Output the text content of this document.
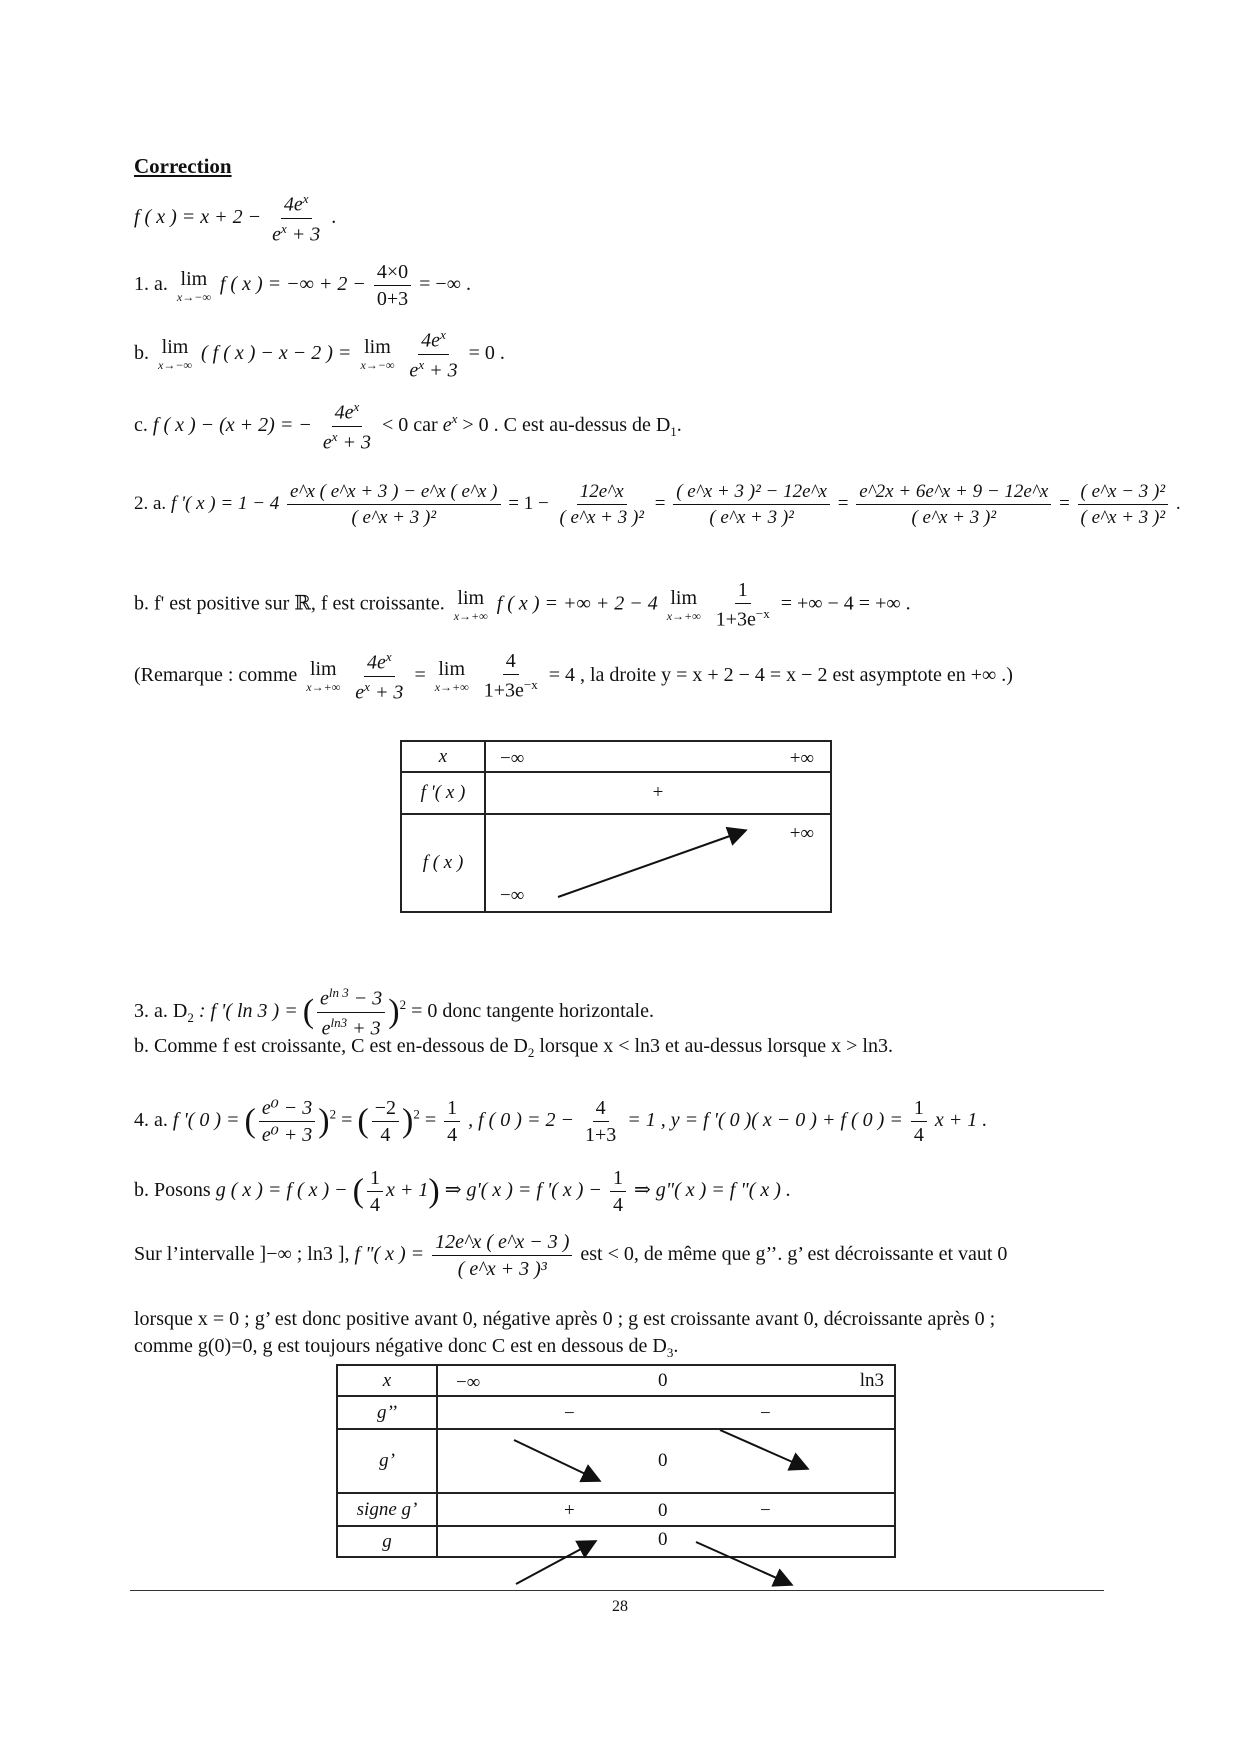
Correction
f ( x ) = $x + 2 - \frac{4e^x}{e^x + 3}$ .
1. a. lim
x→−∞
f ( x ) = −∞ + $2 - \frac{4\times 0}{0+3}$ = −∞ .
b. lim
x→−∞
( f ( x ) − x − 2 ) = lim
x→−∞
$\frac{4e^x}{e^x + 3} = 0$ .
c. f ( x ) − (x + 2) = − $\frac{4e^x}{e^x + 3} < 0$ car $e^x > 0$ . C est au-dessus de $D_1$.
2. a. f '( x ) = $1 - 4 \frac{e\^{}x ( e\^{}x + 3 ) - e\^{}x ( e\^{}x )}{\text{( e\textasciicircum{}x + 3 )²}} = 1 - \frac{12e\^{}x}{\text{( e\textasciicircum{}x + 3 )²}} = \frac{\text{( e\textasciicircum{}x + 3 )² − 12e\textasciicircum{}x}}{\text{( e\textasciicircum{}x + 3 )²}} = \frac{e\^{}2x + 6e\^{}x + 9 - 12e\^{}x}{\text{( e\textasciicircum{}x + 3 )²}} = \frac{\text{( e\textasciicircum{}x − 3 )²}}{\text{( e\textasciicircum{}x + 3 )²}}$ .
b. f' est positive sur ℝ, f est croissante. lim
x→+∞
f ( x ) = +∞ + 2 − 4 lim
x→+∞
$\frac{1}{1+3e^{-x}}$ = +∞ − 4 = +∞ .
(Remarque : comme lim
x→+∞
$\frac{4e^x}{e^x + 3} = \lim$
x→+∞
$\frac{4}{1+3e^{-x}} = 4$ , la droite y = x + 2 − 4 = x − 2 est asymptote en +∞ .)
x	−∞ +∞

f '( x )	+
f ( x )	+∞
−∞
3. a. $D_2$ : f '( ln 3 ) = ( $\frac{e^{ln 3} - 3}{e^{ln3} + 3} )^2 = 0$ donc tangente horizontale.
b. Comme f est croissante, C est en-dessous de $D_2$ lorsque x < ln3 et au-dessus lorsque x > ln3.
4. a. f '( 0 ) = ( $\frac{\text{e⁰ − 3}}{\text{e⁰ + 3}} )^2$ = ( $\frac{-2}{4} )^2 = \frac{1}{4}$ , f ( 0 ) = $2 - \frac{4}{1+3} = 1$ , y = f '( 0 )( x − 0 ) + f ( 0 ) = $\frac{1}{4}$ x + 1 .
b. Posons g ( x ) = f ( x ) − ( $\frac{1}{4}$ x + 1) ⇒ g'( x ) = f '( x ) − $\frac{1}{4}$ ⇒ g"( x ) = f "( x ) .
Sur l’intervalle ]−∞ ; ln3 ], f "( x ) = $\frac{12e\^{}x ( e\^{}x - 3 )}{\text{( e\textasciicircum{}x + 3 )³}}$ est < 0, de même que g’’. g’ est décroissante et vaut 0
lorsque x = 0 ; g’ est donc positive avant 0, négative après 0 ; g est croissante avant 0, décroissante après 0 ;
comme g(0)=0, g est toujours négative donc C est en dessous de $D_3$.
x	−∞ 0 ln3

g’’	− −

g’	0

signe g’	+ 0 −

g	0
28
